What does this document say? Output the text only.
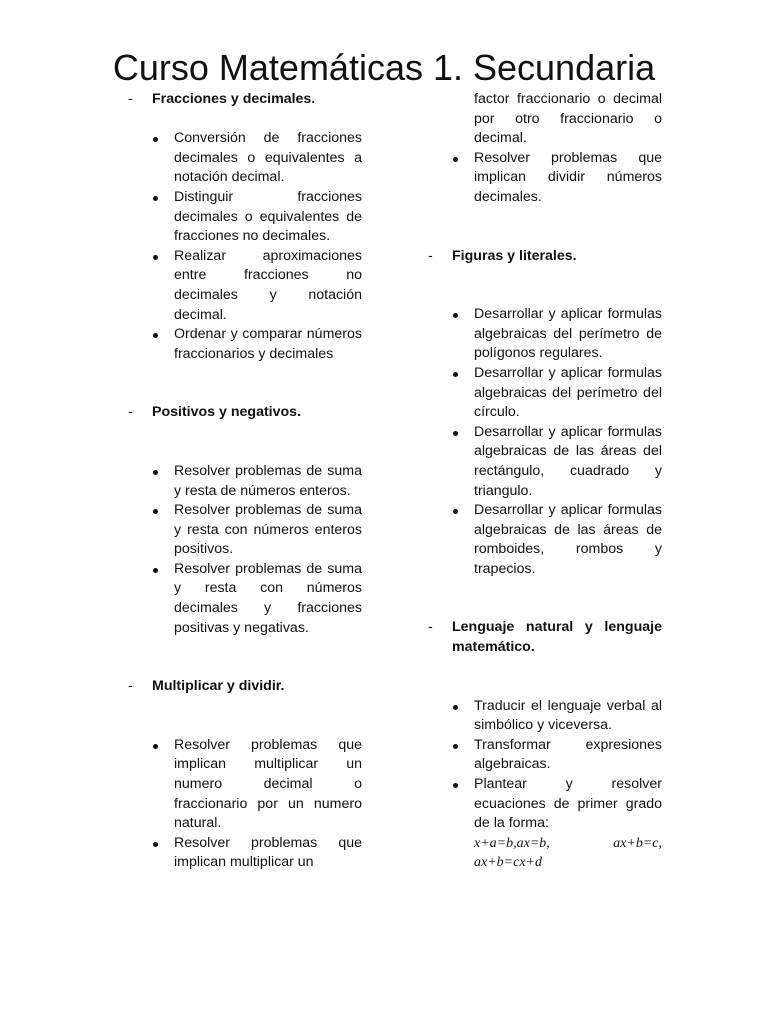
Curso Matemáticas 1. Secundaria
- Fracciones y decimales.
Conversión de fracciones decimales o equivalentes a notación decimal.
Distinguir fracciones decimales o equivalentes de fracciones no decimales.
Realizar aproximaciones entre fracciones no decimales y notación decimal.
Ordenar y comparar números fraccionarios y decimales
- Positivos y negativos.
Resolver problemas de suma y resta de números enteros.
Resolver problemas de suma y resta con números enteros positivos.
Resolver problemas de suma y resta con números decimales y fracciones positivas y negativas.
- Multiplicar y dividir.
Resolver problemas que implican multiplicar un numero decimal o fraccionario por un numero natural.
Resolver problemas que implican multiplicar un
factor fraccionario o decimal por otro fraccionario o decimal.
Resolver problemas que implican dividir números decimales.
- Figuras y literales.
Desarrollar y aplicar formulas algebraicas del perímetro de polígonos regulares.
Desarrollar y aplicar formulas algebraicas del perímetro del círculo.
Desarrollar y aplicar formulas algebraicas de las áreas del rectángulo, cuadrado y triangulo.
Desarrollar y aplicar formulas algebraicas de las áreas de romboides, rombos y trapecios.
- Lenguaje natural y lenguaje matemático.
Traducir el lenguaje verbal al simbólico y viceversa.
Transformar expresiones algebraicas.
Plantear y resolver ecuaciones de primer grado de la forma:
x+a=b,ax=b,	ax+b=c,
ax+b=cx+d
